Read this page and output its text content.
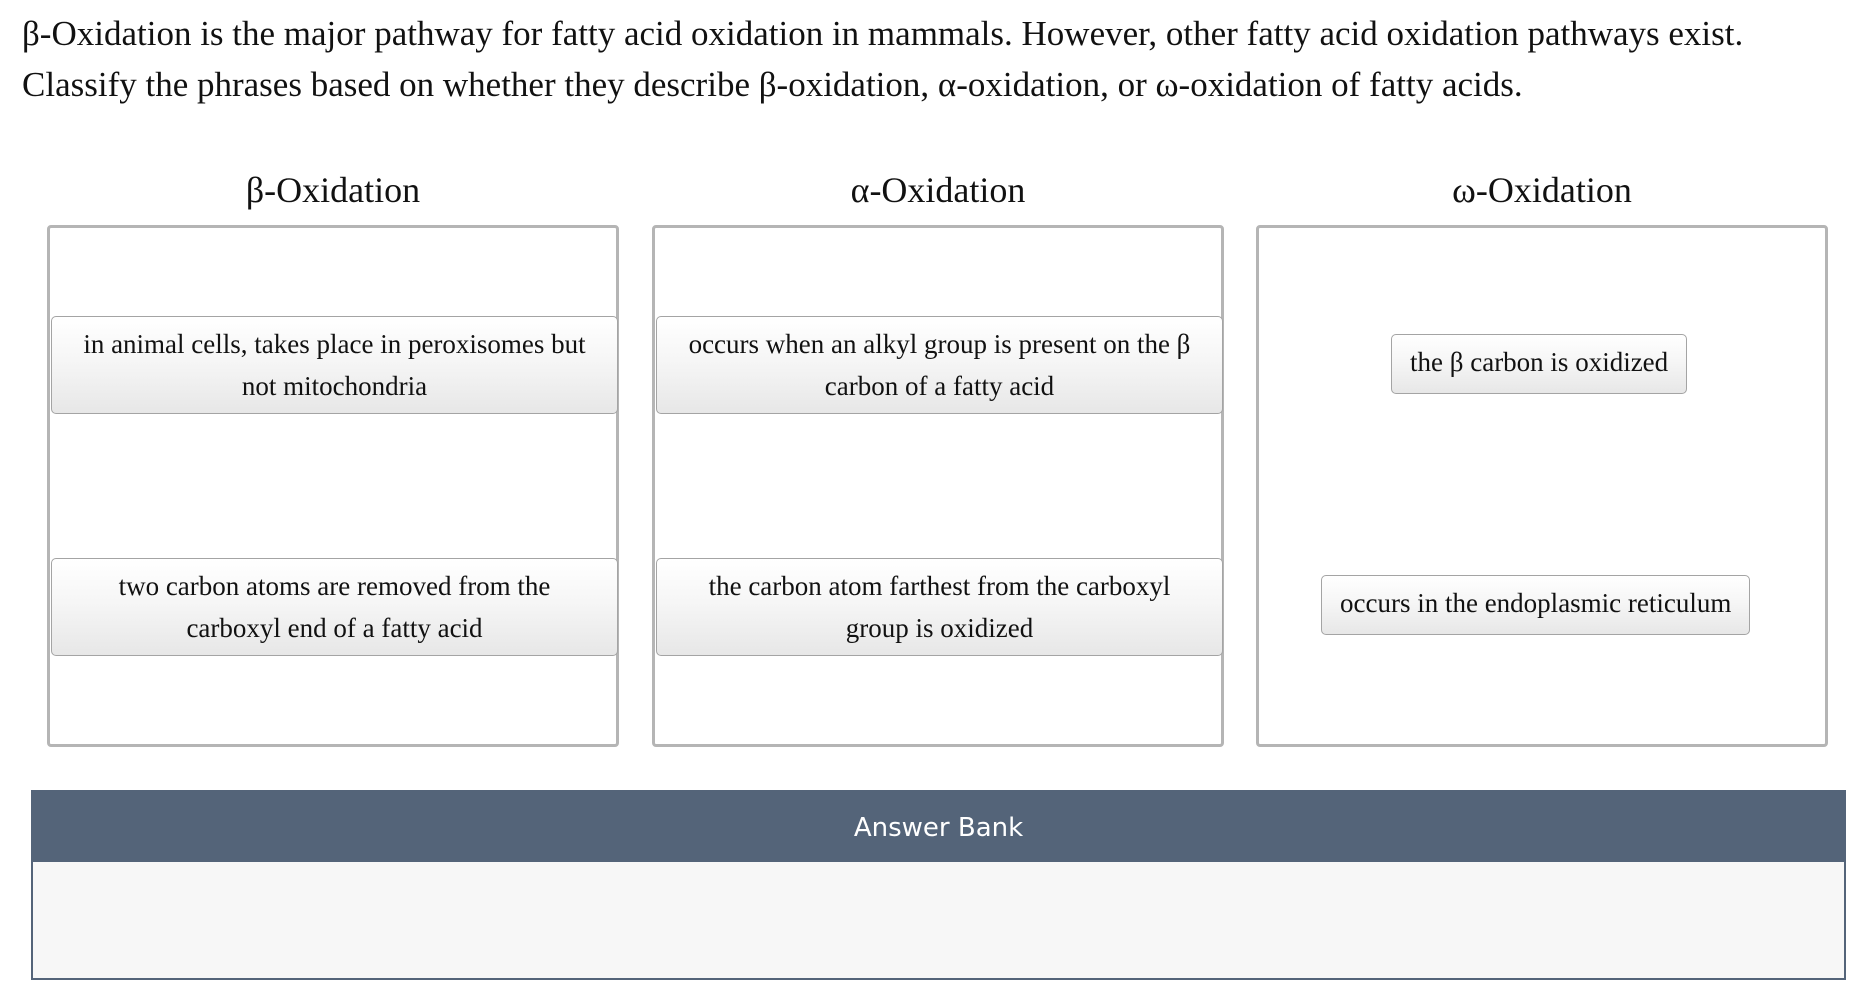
β-Oxidation is the major pathway for fatty acid oxidation in mammals. However, other fatty acid oxidation pathways exist.

Classify the phrases based on whether they describe β-oxidation, α-oxidation, or ω-oxidation of fatty acids.

β-Oxidation
in animal cells, takes place in peroxisomes but
not mitochondria
two carbon atoms are removed from the
carboxyl end of a fatty acid
α-Oxidation
occurs when an alkyl group is present on the β
carbon of a fatty acid
the carbon atom farthest from the carboxyl
group is oxidized
ω-Oxidation
the β carbon is oxidized
occurs in the endoplasmic reticulum
Answer Bank
